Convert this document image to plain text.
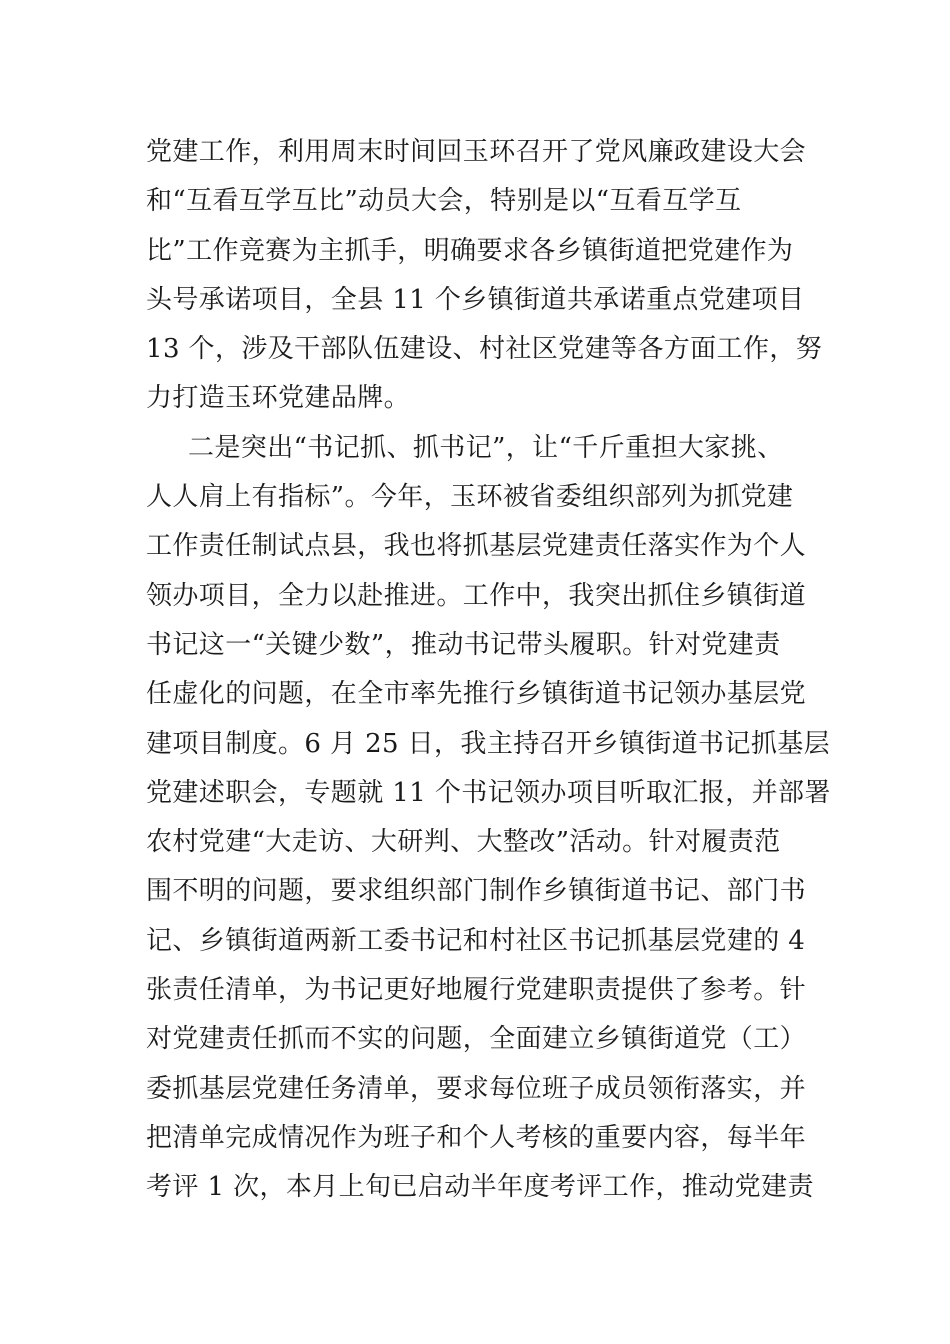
党建工作，利用周末时间回玉环召开了党风廉政建设大会
和“互看互学互比”动员大会，特别是以“互看互学互
比”工作竞赛为主抓手，明确要求各乡镇街道把党建作为
头号承诺项目，全县 11 个乡镇街道共承诺重点党建项目
13 个，涉及干部队伍建设、村社区党建等各方面工作，努
力打造玉环党建品牌。
二是突出“书记抓、抓书记”，让“千斤重担大家挑、
人人肩上有指标”。今年，玉环被省委组织部列为抓党建
工作责任制试点县，我也将抓基层党建责任落实作为个人
领办项目，全力以赴推进。工作中，我突出抓住乡镇街道
书记这一“关键少数”，推动书记带头履职。针对党建责
任虚化的问题，在全市率先推行乡镇街道书记领办基层党
建项目制度。6 月 25 日，我主持召开乡镇街道书记抓基层
党建述职会，专题就 11 个书记领办项目听取汇报，并部署
农村党建“大走访、大研判、大整改”活动。针对履责范
围不明的问题，要求组织部门制作乡镇街道书记、部门书
记、乡镇街道两新工委书记和村社区书记抓基层党建的 4
张责任清单，为书记更好地履行党建职责提供了参考。针
对党建责任抓而不实的问题，全面建立乡镇街道党（工）
委抓基层党建任务清单，要求每位班子成员领衔落实，并
把清单完成情况作为班子和个人考核的重要内容，每半年
考评 1 次，本月上旬已启动半年度考评工作，推动党建责
